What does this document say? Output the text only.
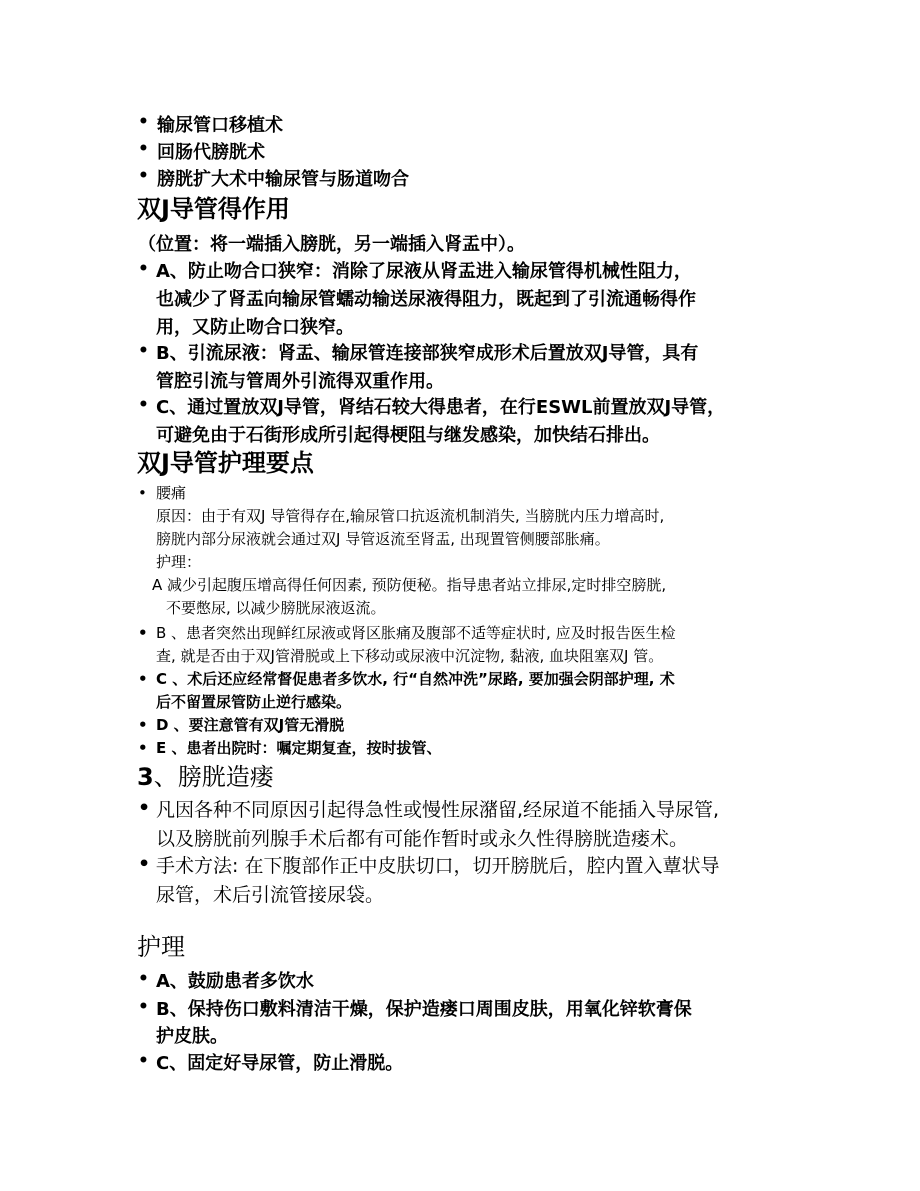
• 输尿管口移植术
• 回肠代膀胱术
• 膀胱扩大术中输尿管与肠道吻合
双J导管得作用
（位置：将一端插入膀胱，另一端插入肾盂中）。
• A、防止吻合口狭窄：消除了尿液从肾盂进入输尿管得机械性阻力，
也减少了肾盂向输尿管蠕动输送尿液得阻力，既起到了引流通畅得作
用，又防止吻合口狭窄。
• B、引流尿液：肾盂、输尿管连接部狭窄成形术后置放双J导管，具有
管腔引流与管周外引流得双重作用。
• C、通过置放双J导管，肾结石较大得患者，在行ESWL前置放双J导管，
可避免由于石街形成所引起得梗阻与继发感染，加快结石排出。
双J导管护理要点
• 腰痛
原因：由于有双J 导管得存在,输尿管口抗返流机制消失, 当膀胱内压力增高时,
膀胱内部分尿液就会通过双J 导管返流至肾盂, 出现置管侧腰部胀痛。
护理：
A 减少引起腹压增高得任何因素, 预防便秘。指导患者站立排尿,定时排空膀胱,
不要憋尿, 以减少膀胱尿液返流。
• B 、患者突然出现鲜红尿液或肾区胀痛及腹部不适等症状时, 应及时报告医生检
查, 就是否由于双J管滑脱或上下移动或尿液中沉淀物, 黏液, 血块阻塞双J 管。
• C 、术后还应经常督促患者多饮水, 行“自然冲洗”尿路, 要加强会阴部护理, 术
后不留置尿管防止逆行感染。
• D 、要注意管有双J管无滑脱
• E 、患者出院时：嘱定期复查，按时拔管、
3、膀胱造瘘
• 凡因各种不同原因引起得急性或慢性尿潴留,经尿道不能插入导尿管,
以及膀胱前列腺手术后都有可能作暂时或永久性得膀胱造瘘术。
• 手术方法: 在下腹部作正中皮肤切口，切开膀胱后，腔内置入蕈状导
尿管，术后引流管接尿袋。
护理
• A、鼓励患者多饮水
• B、保持伤口敷料清洁干燥，保护造瘘口周围皮肤，用氧化锌软膏保
护皮肤。
• C、固定好导尿管，防止滑脱。
